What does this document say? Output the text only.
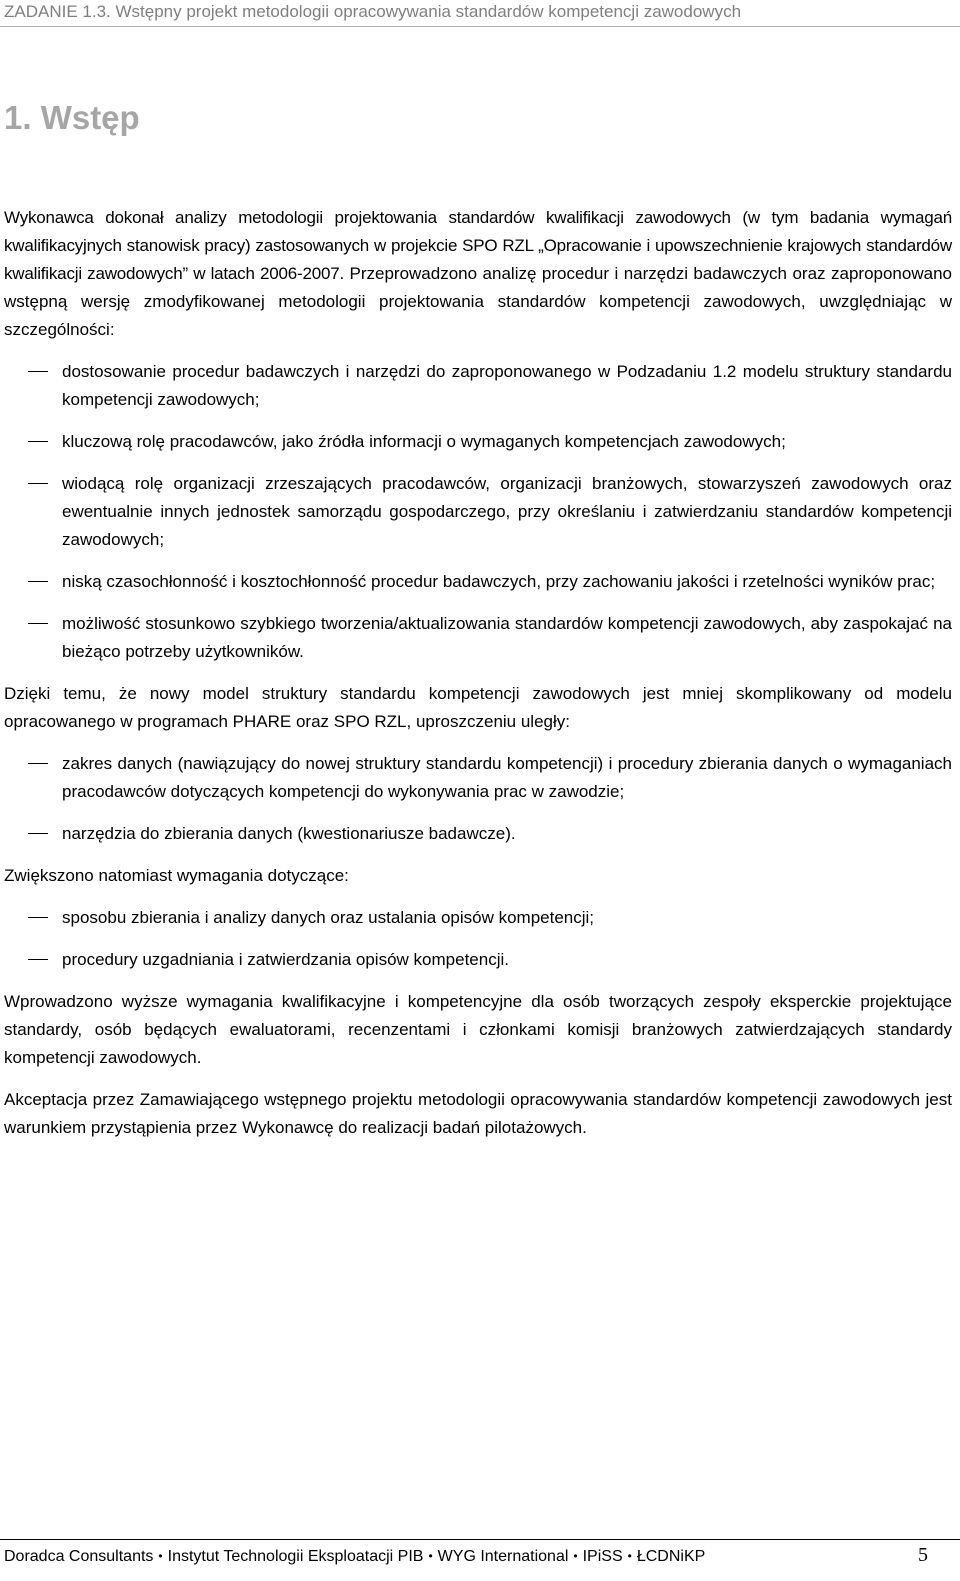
ZADANIE 1.3. Wstępny projekt metodologii opracowywania standardów kompetencji zawodowych
1. Wstęp

Wykonawca dokonał analizy metodologii projektowania standardów kwalifikacji zawodowych (w tym badania wymagań kwalifikacyjnych stanowisk pracy) zastosowanych w projekcie SPO RZL „Opracowanie i upowszechnienie krajowych standardów kwalifikacji zawodowych” w latach 2006-2007. Przeprowadzono analizę procedur i narzędzi badawczych oraz zaproponowano wstępną wersję zmodyfikowanej metodologii projektowania standardów kompetencji zawodowych, uwzględniając w szczególności:

dostosowanie procedur badawczych i narzędzi do zaproponowanego w Podzadaniu 1.2 modelu struktury standardu kompetencji zawodowych;
kluczową rolę pracodawców, jako źródła informacji o wymaganych kompetencjach zawodowych;
wiodącą rolę organizacji zrzeszających pracodawców, organizacji branżowych, stowarzyszeń zawodowych oraz ewentualnie innych jednostek samorządu gospodarczego, przy określaniu i zatwierdzaniu standardów kompetencji zawodowych;
niską czasochłonność i kosztochłonność procedur badawczych, przy zachowaniu jakości i rzetelności wyników prac;
możliwość stosunkowo szybkiego tworzenia/aktualizowania standardów kompetencji zawodowych, aby zaspokajać na bieżąco potrzeby użytkowników.

Dzięki temu, że nowy model struktury standardu kompetencji zawodowych jest mniej skomplikowany od modelu opracowanego w programach PHARE oraz SPO RZL, uproszczeniu uległy:

zakres danych (nawiązujący do nowej struktury standardu kompetencji) i procedury zbierania danych o wymaganiach pracodawców dotyczących kompetencji do wykonywania prac w zawodzie;
narzędzia do zbierania danych (kwestionariusze badawcze).

Zwiększono natomiast wymagania dotyczące:

sposobu zbierania i analizy danych oraz ustalania opisów kompetencji;
procedury uzgadniania i zatwierdzania opisów kompetencji.

Wprowadzono wyższe wymagania kwalifikacyjne i kompetencyjne dla osób tworzących zespoły eksperckie projektujące standardy, osób będących ewaluatorami, recenzentami i członkami komisji branżowych zatwierdzających standardy kompetencji zawodowych.

Akceptacja przez Zamawiającego wstępnego projektu metodologii opracowywania standardów kompetencji zawodowych jest warunkiem przystąpienia przez Wykonawcę do realizacji badań pilotażowych.

Doradca Consultants • Instytut Technologii Eksploatacji PIB • WYG International • IPiSS • ŁCDNiKP	5
